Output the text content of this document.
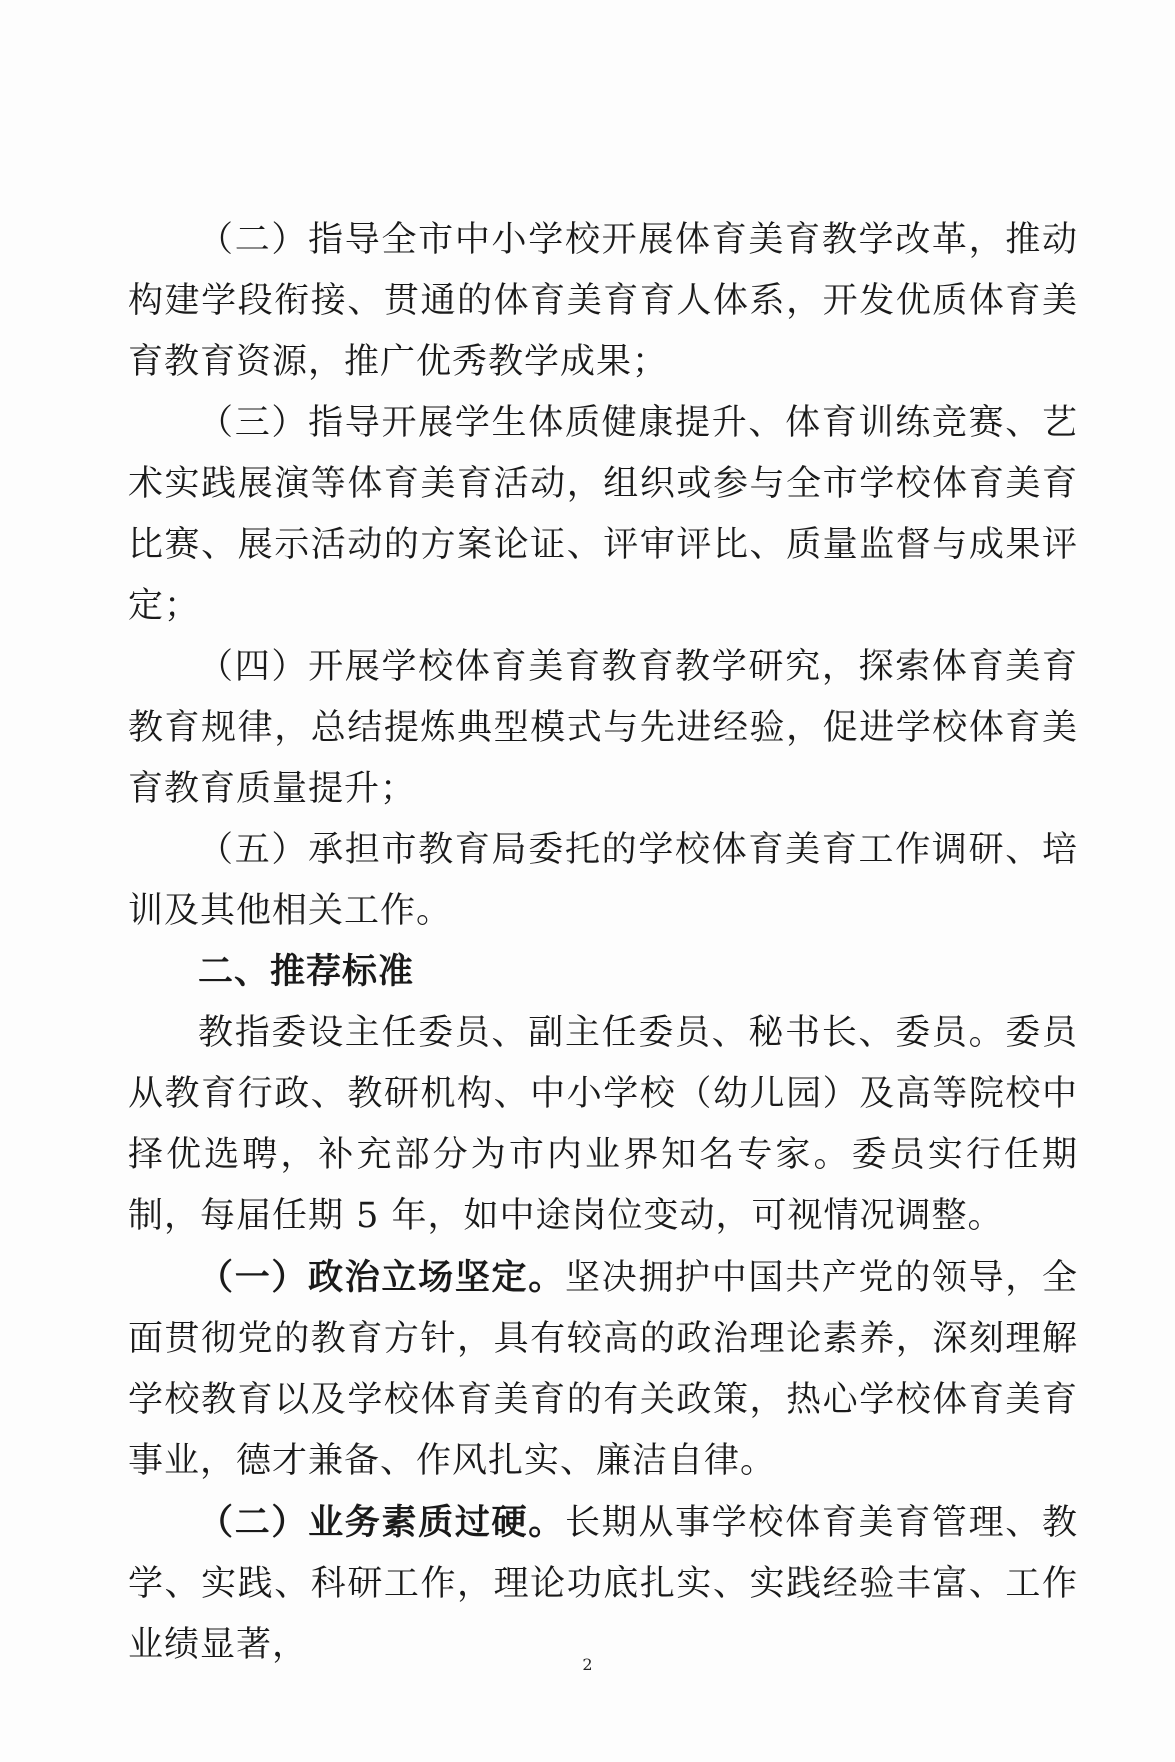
（二）指导全市中小学校开展体育美育教学改革，推动构建学段衔接、贯通的体育美育育人体系，开发优质体育美育教育资源，推广优秀教学成果；

（三）指导开展学生体质健康提升、体育训练竞赛、艺术实践展演等体育美育活动，组织或参与全市学校体育美育比赛、展示活动的方案论证、评审评比、质量监督与成果评定；

（四）开展学校体育美育教育教学研究，探索体育美育教育规律，总结提炼典型模式与先进经验，促进学校体育美育教育质量提升；

（五）承担市教育局委托的学校体育美育工作调研、培训及其他相关工作。

二、推荐标准

教指委设主任委员、副主任委员、秘书长、委员。委员从教育行政、教研机构、中小学校（幼儿园）及高等院校中择优选聘，补充部分为市内业界知名专家。委员实行任期制，每届任期 5 年，如中途岗位变动，可视情况调整。

（一）政治立场坚定。坚决拥护中国共产党的领导，全面贯彻党的教育方针，具有较高的政治理论素养，深刻理解学校教育以及学校体育美育的有关政策，热心学校体育美育事业，德才兼备、作风扎实、廉洁自律。

（二）业务素质过硬。长期从事学校体育美育管理、教学、实践、科研工作，理论功底扎实、实践经验丰富、工作业绩显著，	2
